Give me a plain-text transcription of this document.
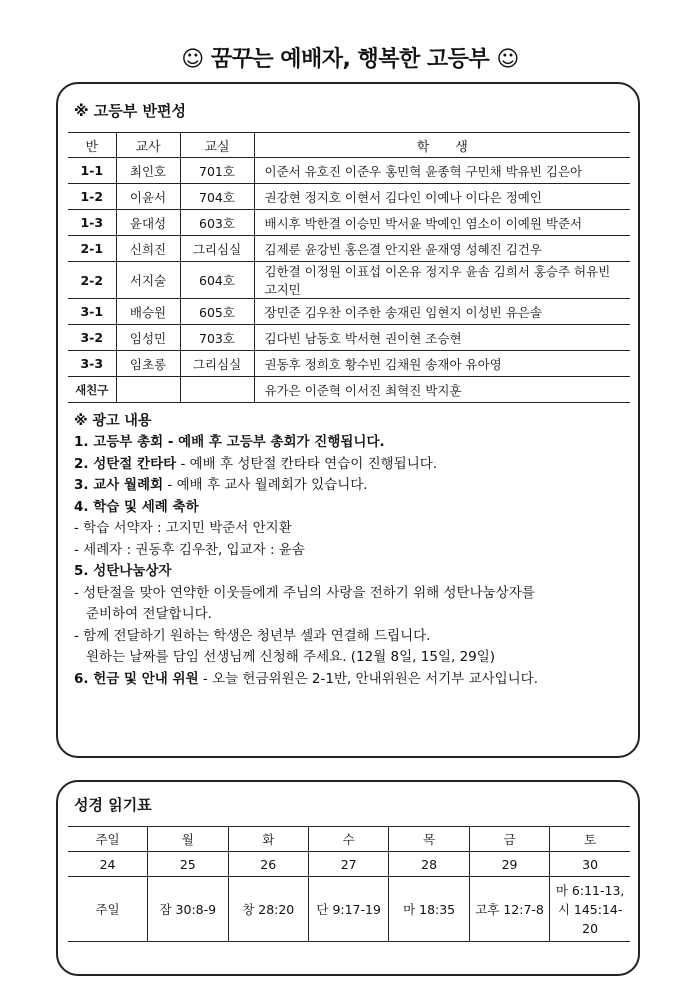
☺ 꿈꾸는 예배자, 행복한 고등부 ☺
※ 고등부 반편성
반	교사	교실	학　　생
1-1	최인호	701호	이준서 유호진 이준우 홍민혁 윤종혁 구민채 박유빈 김은아
1-2	이윤서	704호	권강현 정지호 이현서 김다인 이예나 이다은 정예인
1-3	윤대성	603호	배시후 박한결 이승민 박서윤 박예인 염소이 이예원 박준서
2-1	신희진	그리심실	김제룬 윤강빈 홍은결 안지완 윤재영 성혜진 김건우
2-2	서지술	604호	김한결 이정원 이표섭 이온유 정지우 윤솜 김희서 홍승주 허유빈 고지민
3-1	배승원	605호	장민준 김우찬 이주한 송재린 임현지 이성빈 유은솔
3-2	임성민	703호	김다빈 남동호 박서현 권이현 조승현
3-3	임초롱	그리심실	권동후 정희호 황수빈 김채원 송재아 유아영
새친구			유가은 이준혁 이서진 최혁진 박지훈

※ 광고 내용

1. 고등부 총회 - 예배 후 고등부 총회가 진행됩니다.

2. 성탄절 칸타타 - 예배 후 성탄절 칸타타 연습이 진행됩니다.

3. 교사 월례회 - 예배 후 교사 월례회가 있습니다.

4. 학습 및 세례 축하

- 학습 서약자 : 고지민 박준서 안지환

- 세례자 : 권동후 김우찬, 입교자 : 윤솜

5. 성탄나눔상자

- 성탄절을 맞아 연약한 이웃들에게 주님의 사랑을 전하기 위해 성탄나눔상자를

준비하여 전달합니다.

- 함께 전달하기 원하는 학생은 청년부 셀과 연결해 드립니다.

원하는 날짜를 담임 선생님께 신청해 주세요. (12월 8일, 15일, 29일)

6. 헌금 및 안내 위원 - 오늘 헌금위원은 2-1반, 안내위원은 서기부 교사입니다.

성경 읽기표
주일	월	화	수	목	금	토
24	25	26	27	28	29	30
주일	잠 30:8-9	창 28:20	단 9:17-19	마 18:35	고후 12:7-8	마 6:11-13,
시 145:14-20
